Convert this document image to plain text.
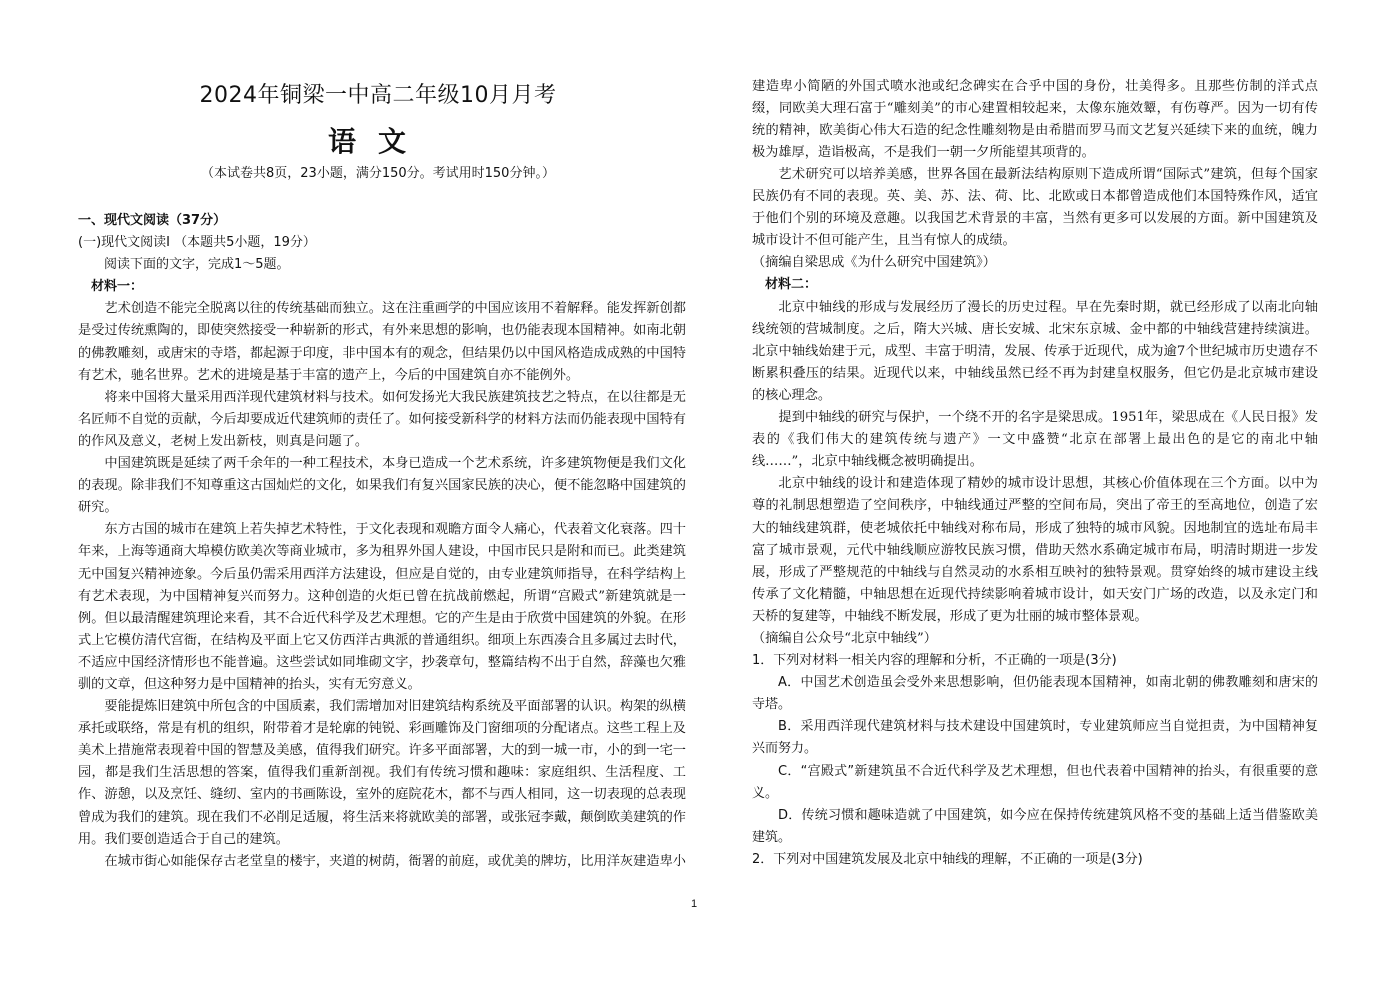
2024年铜梁一中高二年级10月月考
语文
（本试卷共8页，23小题，满分150分。考试用时150分钟。）

一、现代文阅读（37分）

(一)现代文阅读Ⅰ （本题共5小题，19分）

阅读下面的文字，完成1～5题。

材料一：

艺术创造不能完全脱离以往的传统基础而独立。这在注重画学的中国应该用不着解释。能发挥新创都是受过传统熏陶的，即使突然接受一种崭新的形式，有外来思想的影响，也仍能表现本国精神。如南北朝的佛教雕刻，或唐宋的寺塔，都起源于印度，非中国本有的观念，但结果仍以中国风格造成成熟的中国特有艺术，驰名世界。艺术的进境是基于丰富的遗产上，今后的中国建筑自亦不能例外。

将来中国将大量采用西洋现代建筑材料与技术。如何发扬光大我民族建筑技艺之特点，在以往都是无名匠师不自觉的贡献，今后却要成近代建筑师的责任了。如何接受新科学的材料方法而仍能表现中国特有的作风及意义，老树上发出新枝，则真是问题了。

中国建筑既是延续了两千余年的一种工程技术，本身已造成一个艺术系统，许多建筑物便是我们文化的表现。除非我们不知尊重这古国灿烂的文化，如果我们有复兴国家民族的决心，便不能忽略中国建筑的研究。

东方古国的城市在建筑上若失掉艺术特性，于文化表现和观瞻方面令人痛心，代表着文化衰落。四十年来，上海等通商大埠模仿欧美次等商业城市，多为租界外国人建设，中国市民只是附和而已。此类建筑无中国复兴精神迹象。今后虽仍需采用西洋方法建设，但应是自觉的，由专业建筑师指导，在科学结构上有艺术表现，为中国精神复兴而努力。这种创造的火炬已曾在抗战前燃起，所谓“宫殿式”新建筑就是一例。但以最清醒建筑理论来看，其不合近代科学及艺术理想。它的产生是由于欣赏中国建筑的外貌。在形式上它模仿清代宫衙，在结构及平面上它又仿西洋古典派的普通组织。细项上东西凑合且多属过去时代，不适应中国经济情形也不能普遍。这些尝试如同堆砌文字，抄袭章句，整篇结构不出于自然，辞藻也欠雅驯的文章，但这种努力是中国精神的抬头，实有无穷意义。

要能提炼旧建筑中所包含的中国质素，我们需增加对旧建筑结构系统及平面部署的认识。构架的纵横承托或联络，常是有机的组织，附带着才是轮廓的钝锐、彩画雕饰及门窗细项的分配诸点。这些工程上及美术上措施常表现着中国的智慧及美感，值得我们研究。许多平面部署，大的到一城一市，小的到一宅一园，都是我们生活思想的答案，值得我们重新剖视。我们有传统习惯和趣味：家庭组织、生活程度、工作、游憩，以及烹饪、缝纫、室内的书画陈设，室外的庭院花木，都不与西人相同，这一切表现的总表现曾成为我们的建筑。现在我们不必削足适履，将生活来将就欧美的部署，或张冠李戴，颠倒欧美建筑的作用。我们要创造适合于自己的建筑。

在城市街心如能保存古老堂皇的楼宇，夹道的树荫，衙署的前庭，或优美的牌坊，比用洋灰建造卑小

1

建造卑小简陋的外国式喷水池或纪念碑实在合乎中国的身份，壮美得多。且那些仿制的洋式点缀，同欧美大理石富于“雕刻美”的市心建置相较起来，太像东施效颦，有伤尊严。因为一切有传统的精神，欧美街心伟大石造的纪念性雕刻物是由希腊而罗马而文艺复兴延续下来的血统，魄力极为雄厚，造诣极高，不是我们一朝一夕所能望其项背的。

艺术研究可以培养美感，世界各国在最新法结构原则下造成所谓“国际式”建筑，但每个国家民族仍有不同的表现。英、美、苏、法、荷、比、北欧或日本都曾造成他们本国特殊作风，适宜于他们个别的环境及意趣。以我国艺术背景的丰富，当然有更多可以发展的方面。新中国建筑及城市设计不但可能产生，且当有惊人的成绩。

（摘编自梁思成《为什么研究中国建筑》）

材料二：

北京中轴线的形成与发展经历了漫长的历史过程。早在先秦时期，就已经形成了以南北向轴线统领的营城制度。之后，隋大兴城、唐长安城、北宋东京城、金中都的中轴线营建持续演进。北京中轴线始建于元，成型、丰富于明清，发展、传承于近现代，成为逾7个世纪城市历史遗存不断累积叠压的结果。近现代以来，中轴线虽然已经不再为封建皇权服务，但它仍是北京城市建设的核心理念。

提到中轴线的研究与保护，一个绕不开的名字是梁思成。1951年，梁思成在《人民日报》发表的《我们伟大的建筑传统与遗产》一文中盛赞“北京在部署上最出色的是它的南北中轴线……”，北京中轴线概念被明确提出。

北京中轴线的设计和建造体现了精妙的城市设计思想，其核心价值体现在三个方面。以中为尊的礼制思想塑造了空间秩序，中轴线通过严整的空间布局，突出了帝王的至高地位，创造了宏大的轴线建筑群，使老城依托中轴线对称布局，形成了独特的城市风貌。因地制宜的选址布局丰富了城市景观，元代中轴线顺应游牧民族习惯，借助天然水系确定城市布局，明清时期进一步发展，形成了严整规范的中轴线与自然灵动的水系相互映衬的独特景观。贯穿始终的城市建设主线 传承了文化精髓，中轴思想在近现代持续影响着城市设计，如天安门广场的改造，以及永定门和天桥的复建等，中轴线不断发展，形成了更为壮丽的城市整体景观。

（摘编自公众号“北京中轴线”）

1．下列对材料一相关内容的理解和分析，不正确的一项是(3分)

A．中国艺术创造虽会受外来思想影响，但仍能表现本国精神，如南北朝的佛教雕刻和唐宋的寺塔。

B．采用西洋现代建筑材料与技术建设中国建筑时，专业建筑师应当自觉担责，为中国精神复兴而努力。

C．“宫殿式”新建筑虽不合近代科学及艺术理想，但也代表着中国精神的抬头，有很重要的意义。

D．传统习惯和趣味造就了中国建筑，如今应在保持传统建筑风格不变的基础上适当借鉴欧美建筑。

2．下列对中国建筑发展及北京中轴线的理解，不正确的一项是(3分)
